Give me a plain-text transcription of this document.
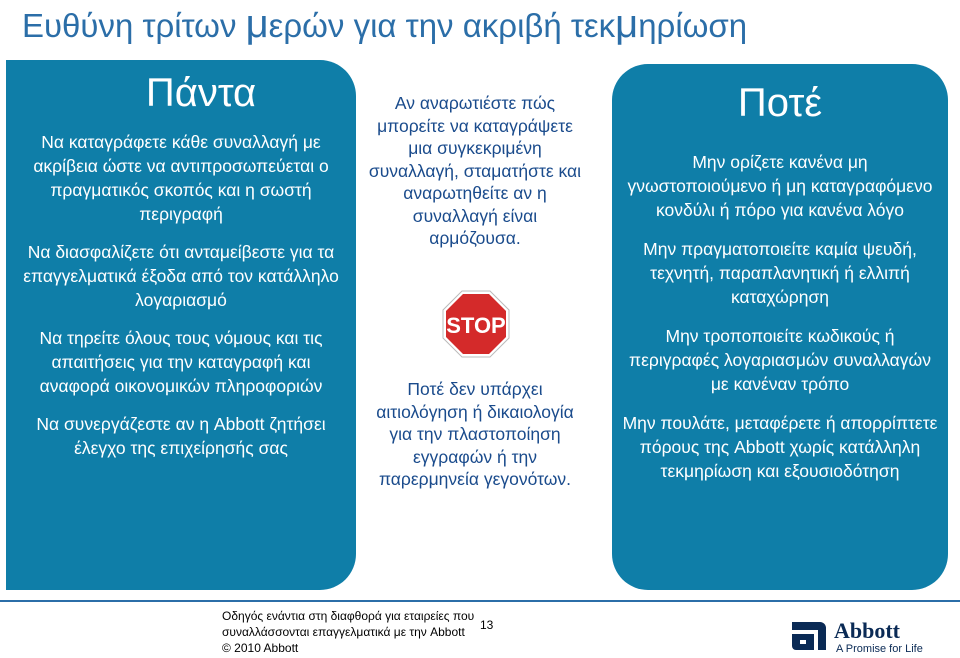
Ευθύνη τρίτων μερών για την ακριβή τεκμηρίωση
Πάντα
Να καταγράφετε κάθε συναλλαγή με ακρίβεια ώστε να αντιπροσωπεύεται ο πραγματικός σκοπός και η σωστή περιγραφή
Να διασφαλίζετε ότι ανταμείβεστε για τα επαγγελματικά έξοδα από τον κατάλληλο λογαριασμό
Να τηρείτε όλους τους νόμους και τις απαιτήσεις για την καταγραφή και αναφορά οικονομικών πληροφοριών
Να συνεργάζεστε αν η Abbott ζητήσει έλεγχο της επιχείρησής σας
Αν αναρωτιέστε πώς μπορείτε να καταγράψετε μια συγκεκριμένη συναλλαγή, σταματήστε και αναρωτηθείτε αν η συναλλαγή είναι αρμόζουσα.
STOP
Ποτέ δεν υπάρχει αιτιολόγηση ή δικαιολογία για την πλαστοποίηση εγγραφών ή την παρερμηνεία γεγονότων.
Ποτέ
Μην ορίζετε κανένα μη γνωστοποιούμενο ή μη καταγραφόμενο κονδύλι ή πόρο για κανένα λόγο
Μην πραγματοποιείτε καμία ψευδή, τεχνητή, παραπλανητική ή ελλιπή καταχώρηση
Μην τροποποιείτε κωδικούς ή περιγραφές λογαριασμών συναλλαγών με κανέναν τρόπο
Μην πουλάτε, μεταφέρετε ή απορρίπτετε πόρους της Abbott χωρίς κατάλληλη τεκμηρίωση και εξουσιοδότηση
Οδηγός ενάντια στη διαφθορά για εταιρείες που
συναλλάσσονται επαγγελματικά με την Abbott
© 2010 Abbott
13	Abbott
A Promise for Life
